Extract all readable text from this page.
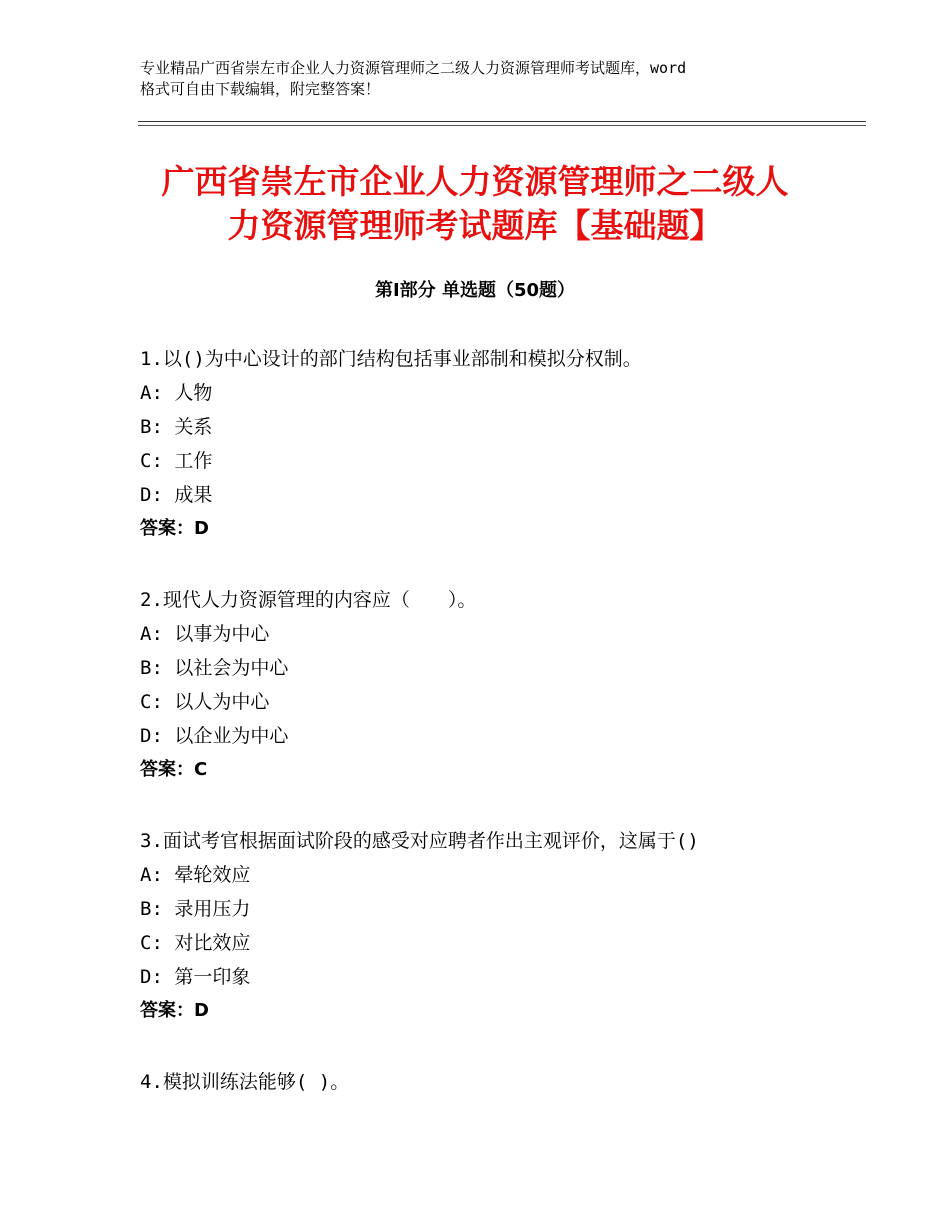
专业精品广西省崇左市企业人力资源管理师之二级人力资源管理师考试题库，word
格式可自由下载编辑，附完整答案！
广西省崇左市企业人力资源管理师之二级人
力资源管理师考试题库【基础题】
第Ⅰ部分 单选题（50题）
1.以()为中心设计的部门结构包括事业部制和模拟分权制。
A: 人物
B: 关系
C: 工作
D: 成果
答案：D
2.现代人力资源管理的内容应（　　）。
A: 以事为中心
B: 以社会为中心
C: 以人为中心
D: 以企业为中心
答案：C
3.面试考官根据面试阶段的感受对应聘者作出主观评价，这属于()
A: 晕轮效应
B: 录用压力
C: 对比效应
D: 第一印象
答案：D
4.模拟训练法能够( )。
